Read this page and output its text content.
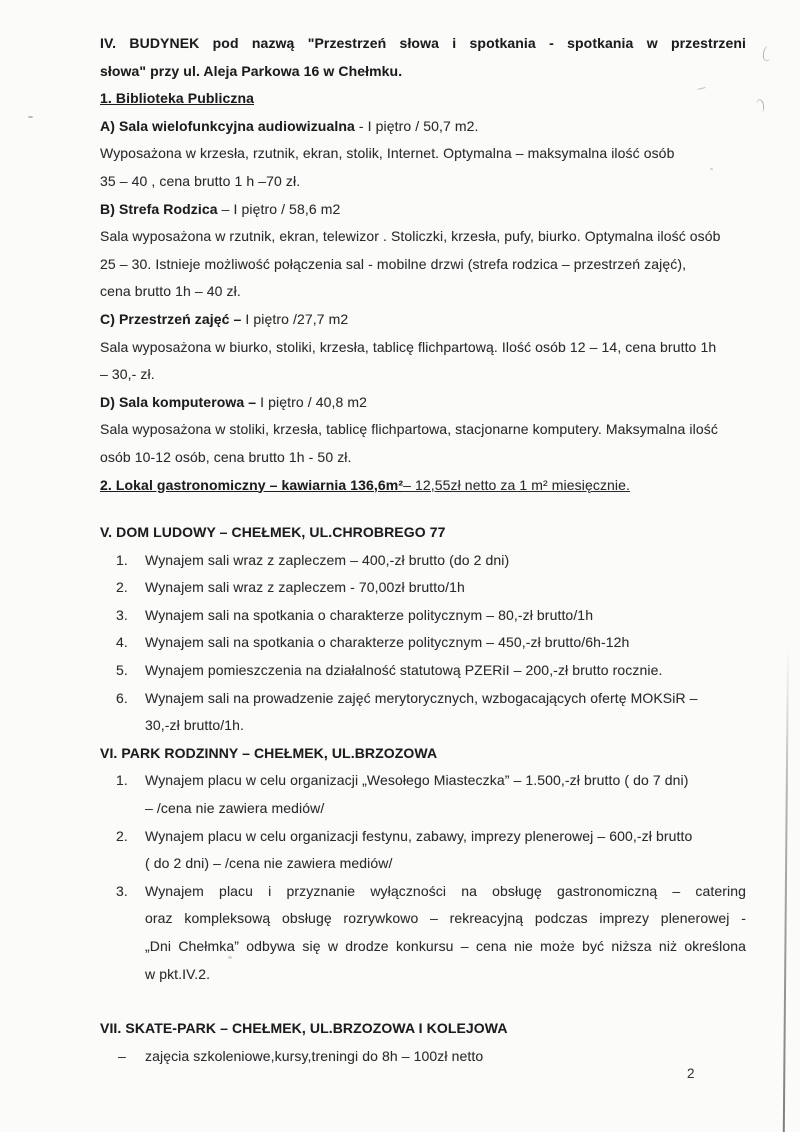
IV. BUDYNEK pod nazwą "Przestrzeń słowa i spotkania - spotkania w przestrzeni
słowa" przy ul. Aleja Parkowa 16 w Chełmku.
1. Biblioteka Publiczna
A) Sala wielofunkcyjna audiowizualna - I piętro / 50,7 m2.
Wyposażona w krzesła, rzutnik, ekran, stolik, Internet. Optymalna – maksymalna ilość osób
35 – 40 , cena brutto 1 h –70 zł.
B) Strefa Rodzica – I piętro / 58,6 m2
Sala wyposażona w rzutnik, ekran, telewizor . Stoliczki, krzesła, pufy, biurko. Optymalna ilość osób
25 – 30. Istnieje możliwość połączenia sal - mobilne drzwi (strefa rodzica – przestrzeń zajęć),
cena brutto 1h – 40 zł.
C) Przestrzeń zajęć – I piętro /27,7 m2
Sala wyposażona w biurko, stoliki, krzesła, tablicę flichpartową. Ilość osób 12 – 14, cena brutto 1h
– 30,- zł.
D) Sala komputerowa – I piętro / 40,8 m2
Sala wyposażona w stoliki, krzesła, tablicę flichpartowa, stacjonarne komputery. Maksymalna ilość
osób 10-12 osób, cena brutto 1h - 50 zł.
2. Lokal gastronomiczny – kawiarnia 136,6m²– 12,55zł netto za 1 m² miesięcznie.
V. DOM LUDOWY – CHEŁMEK, UL.CHROBREGO 77
1. Wynajem sali wraz z zapleczem – 400,-zł brutto (do 2 dni)
2. Wynajem sali wraz z zapleczem - 70,00zł brutto/1h
3. Wynajem sali na spotkania o charakterze politycznym – 80,-zł brutto/1h
4. Wynajem sali na spotkania o charakterze politycznym – 450,-zł brutto/6h-12h
5. Wynajem pomieszczenia na działalność statutową PZERiI – 200,-zł brutto rocznie.
6. Wynajem sali na prowadzenie zajęć merytorycznych, wzbogacających ofertę MOKSiR –
30,-zł brutto/1h.
VI. PARK RODZINNY – CHEŁMEK, UL.BRZOZOWA
1. Wynajem placu w celu organizacji „Wesołego Miasteczka” – 1.500,-zł brutto ( do 7 dni)
– /cena nie zawiera mediów/
2. Wynajem placu w celu organizacji festynu, zabawy, imprezy plenerowej – 600,-zł brutto
( do 2 dni) – /cena nie zawiera mediów/
3. Wynajem placu i przyznanie wyłączności na obsługę gastronomiczną – catering
oraz kompleksową obsługę rozrywkowo – rekreacyjną podczas imprezy plenerowej -
„Dni Chełmka” odbywa się w drodze konkursu – cena nie może być niższa niż określona
w pkt.IV.2.
VII. SKATE-PARK – CHEŁMEK, UL.BRZOZOWA I KOLEJOWA
– zajęcia szkoleniowe,kursy,treningi do 8h – 100zł netto
2
